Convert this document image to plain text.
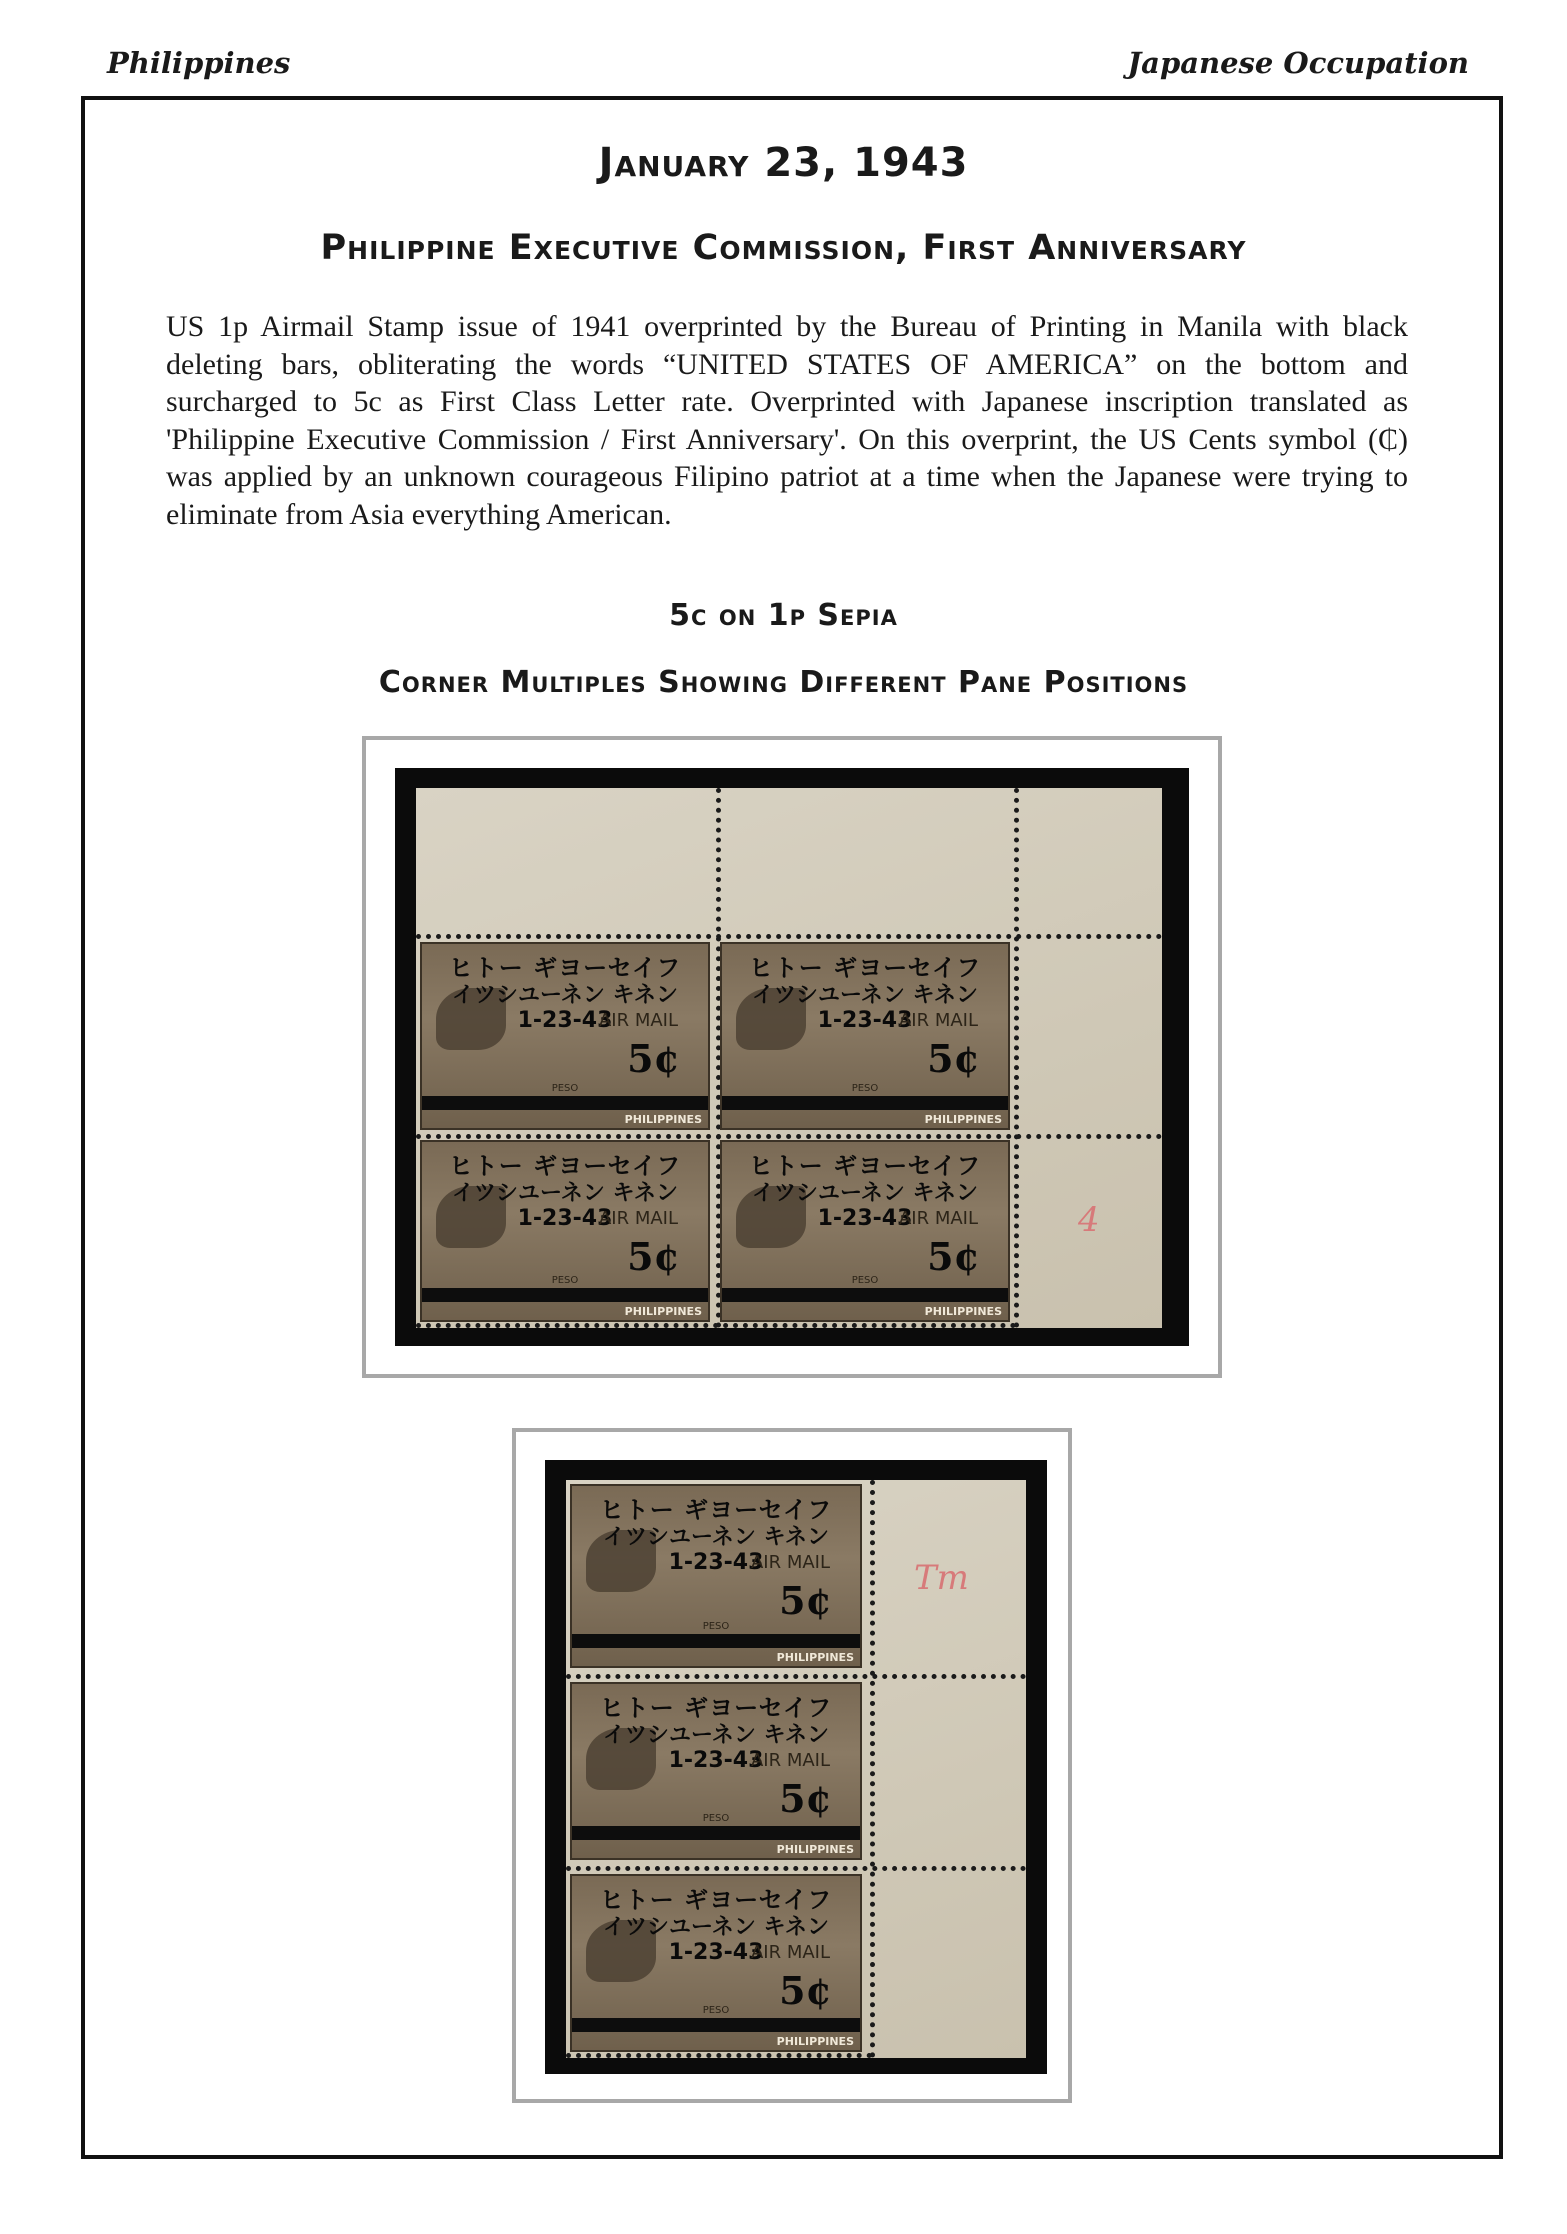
Philippines	Japanese Occupation
January 23, 1943
Philippine Executive Commission, First Anniversary
US 1p Airmail Stamp issue of 1941 overprinted by the Bureau of Printing in Manila with black deleting bars, obliterating the words “UNITED STATES OF AMERICA” on the bottom and surcharged to 5c as First Class Letter rate. Overprinted with Japanese inscription translated as 'Philippine Executive Commission / First Anniversary'. On this overprint, the US Cents symbol (₵) was applied by an unknown courageous Filipino patriot at a time when the Japanese were trying to eliminate from Asia everything American.
5c on 1p Sepia
Corner Multiples Showing Different Pane Positions
ヒトー ギヨーセイフ
イツシユーネン キネン
1-23-43
AIR MAIL
5¢
PESO
PHILIPPINES
ヒトー ギヨーセイフ
イツシユーネン キネン
1-23-43
AIR MAIL
5¢
PESO
PHILIPPINES
ヒトー ギヨーセイフ
イツシユーネン キネン
1-23-43
AIR MAIL
5¢
PESO
PHILIPPINES
ヒトー ギヨーセイフ
イツシユーネン キネン
1-23-43
AIR MAIL
5¢
PESO
PHILIPPINES
4
ヒトー ギヨーセイフ
イツシユーネン キネン
1-23-43
AIR MAIL
5¢
PESO
PHILIPPINES
ヒトー ギヨーセイフ
イツシユーネン キネン
1-23-43
AIR MAIL
5¢
PESO
PHILIPPINES
ヒトー ギヨーセイフ
イツシユーネン キネン
1-23-43
AIR MAIL
5¢
PESO
PHILIPPINES
Tm
